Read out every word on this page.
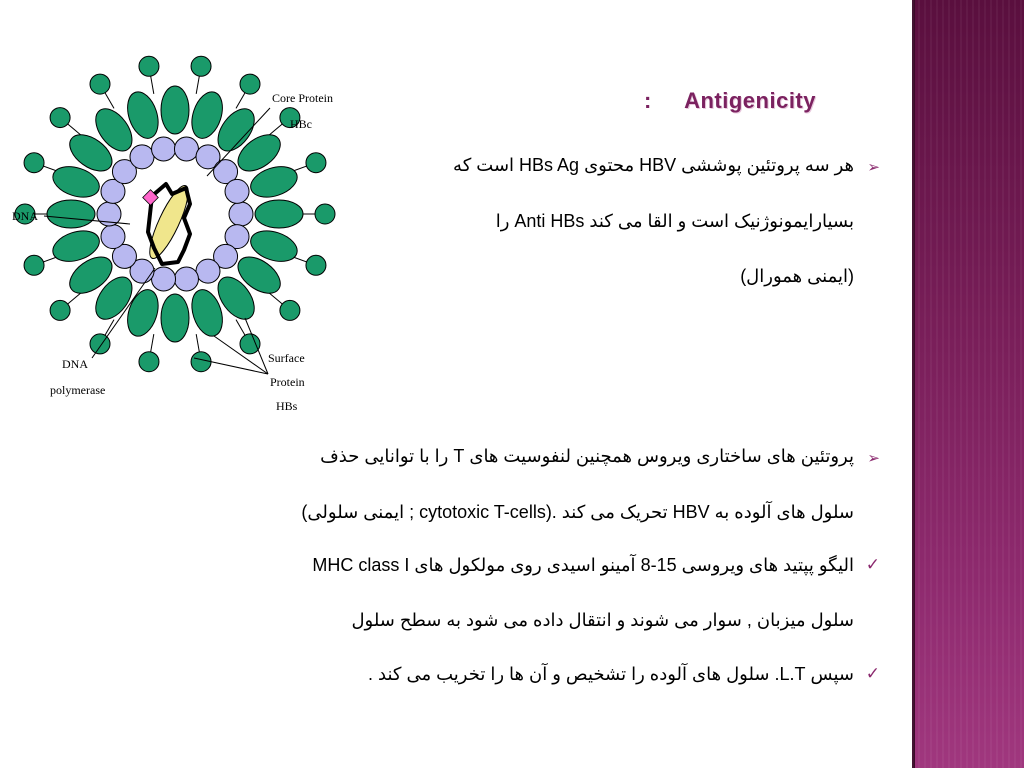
: Antigenicity
➢
هر سه پروتئین پوششی HBV محتوی HBs Ag است که
بسیارایمونوژنیک است و القا می کند Anti HBs را
(ایمنی همورال)
➢
پروتئین های ساختاری ویروس همچنین لنفوسیت های T را با توانایی حذف
سلول های آلوده به HBV تحریک می کند .(cytotoxic T-cells ; ایمنی سلولی)
✓
الیگو پپتید های ویروسی 15-8 آمینو اسیدی روی مولکول های MHC class I
سلول میزبان , سوار می شوند و انتقال داده می شود به سطح سلول
✓
سپس L.T. سلول های آلوده را تشخیص و آن ها را تخریب می کند .
Core Protein
HBc
DNA
DNA
polymerase
Surface
Protein
HBs
